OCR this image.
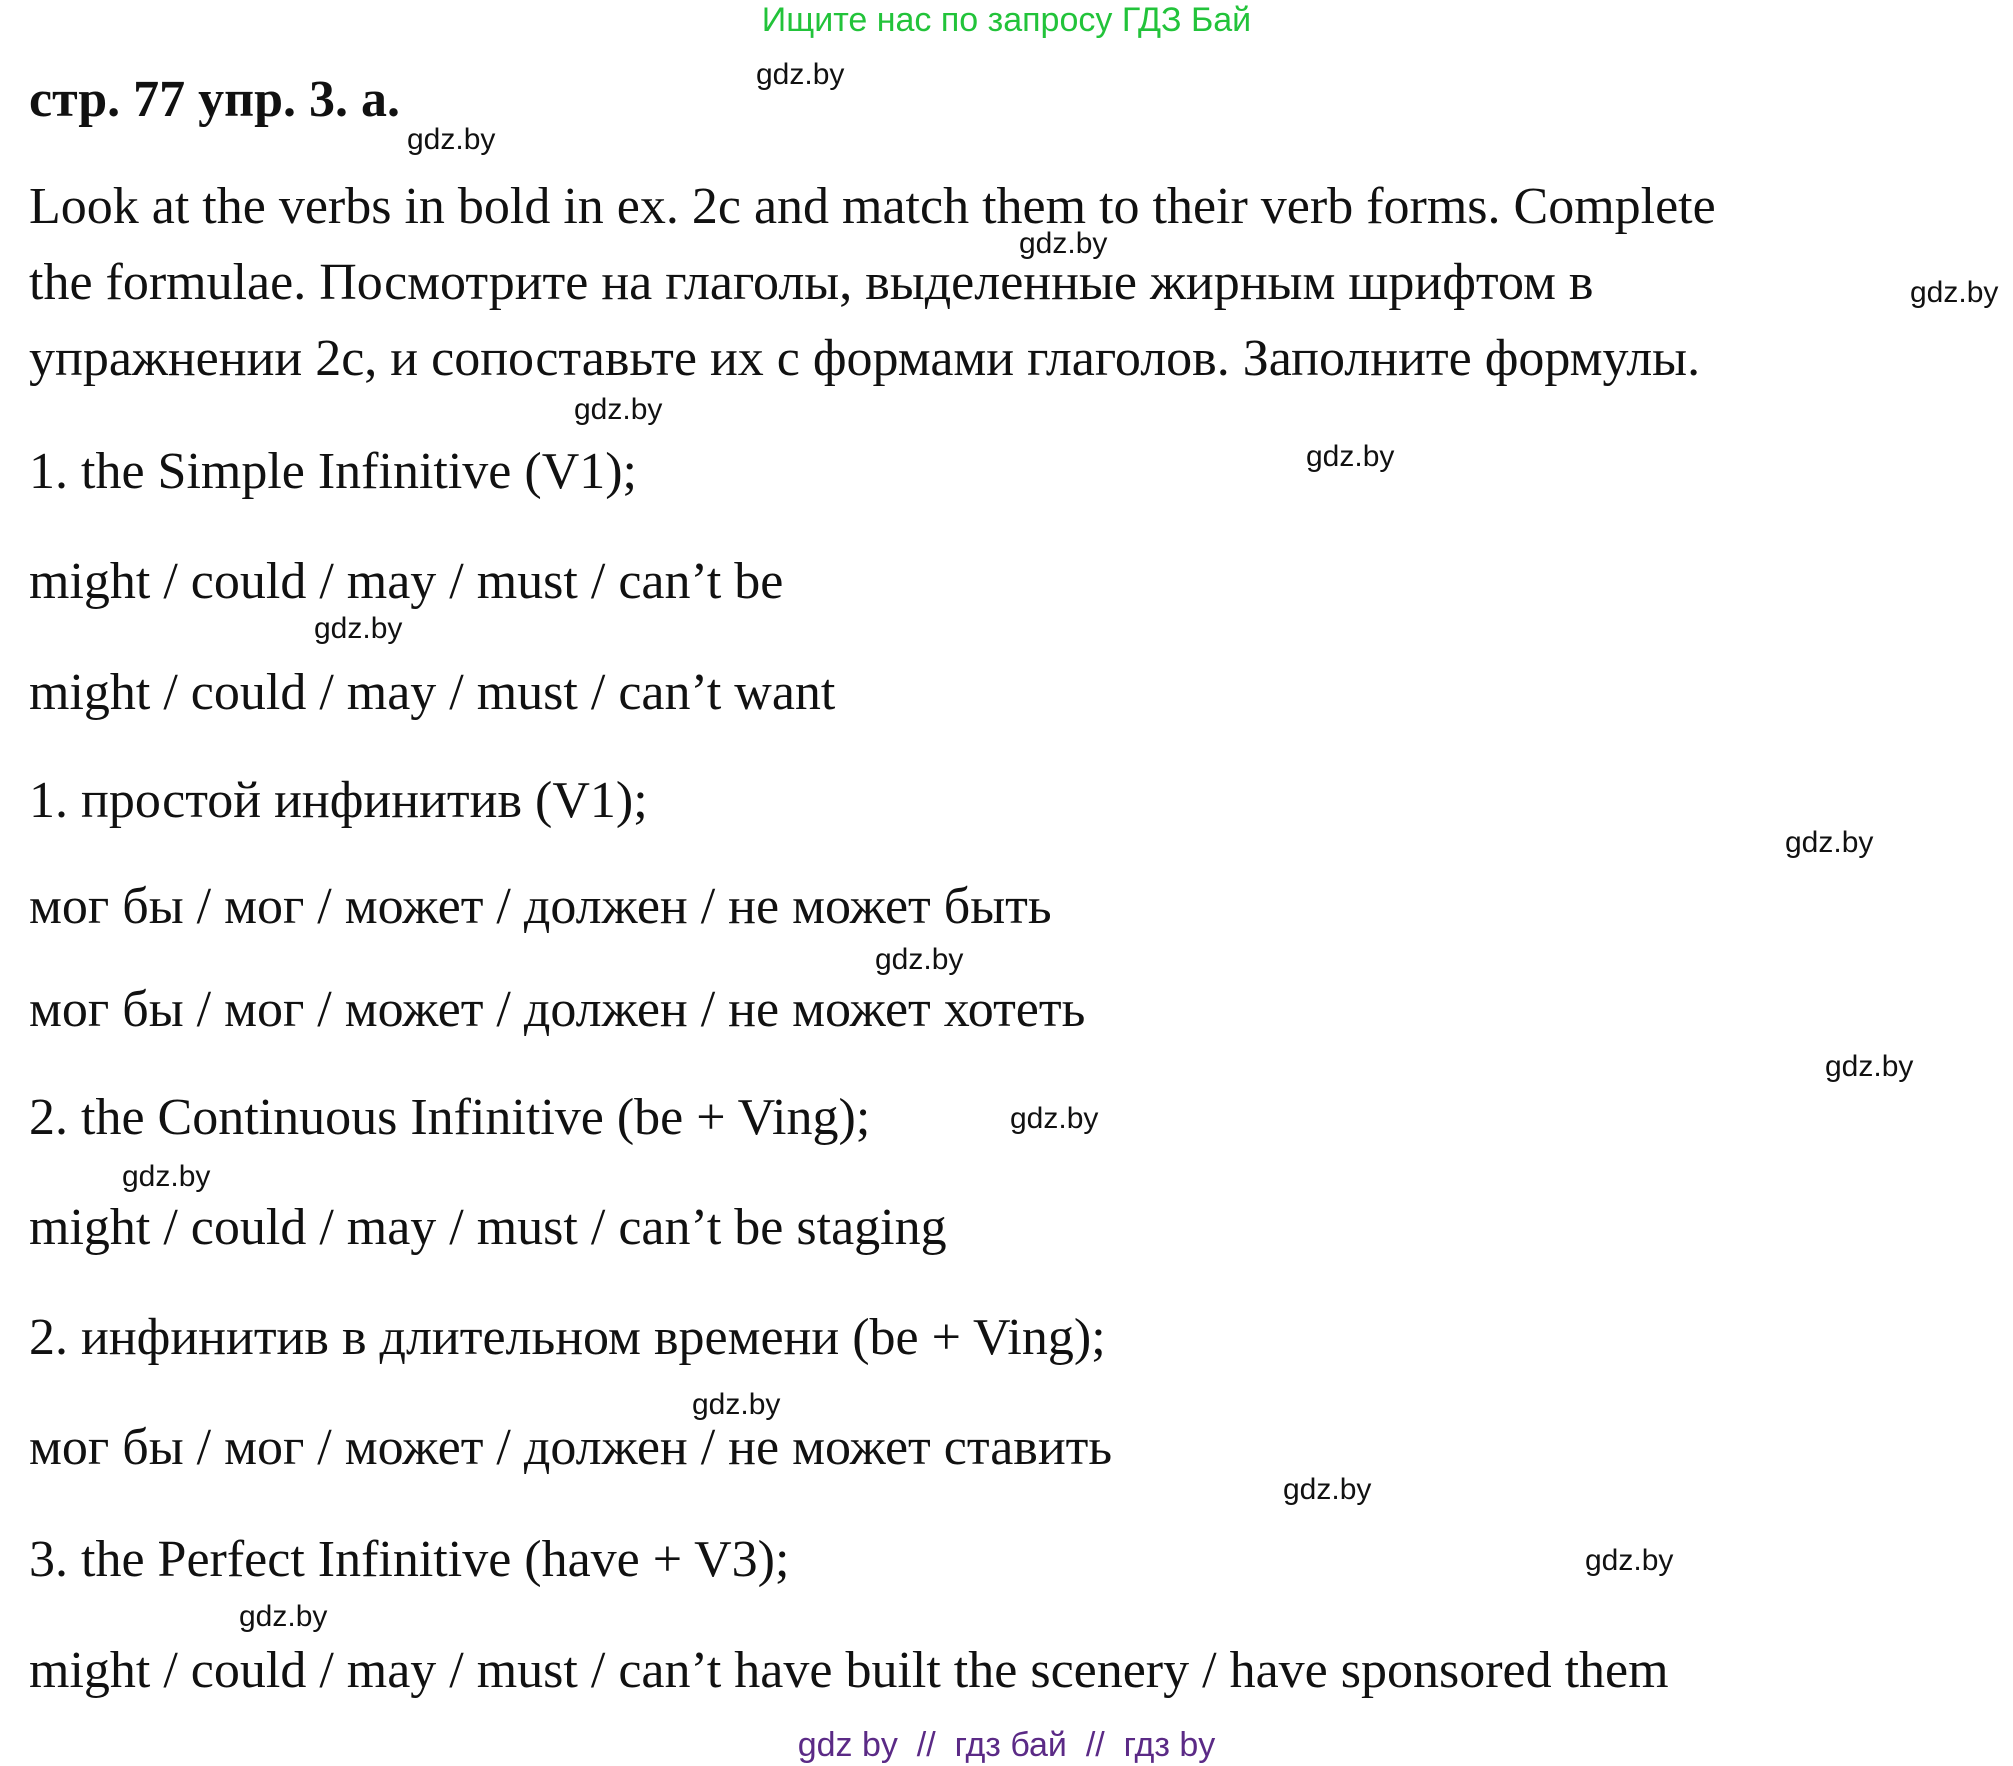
Ищите нас по запросу ГДЗ Бай
стр. 77 упр. 3. a.

Look at the verbs in bold in ex. 2c and match them to their verb forms. Complete

the formulae. Посмотрите на глаголы, выделенные жирным шрифтом в

упражнении 2с, и сопоставьте их с формами глаголов. Заполните формулы.

1. the Simple Infinitive (V1);
might / could / may / must / can’t be
might / could / may / must / can’t want
1. простой инфинитив (V1);
мог бы / мог / может / должен / не может быть
мог бы / мог / может / должен / не может хотеть
2. the Continuous Infinitive (be + Ving);
might / could / may / must / can’t be staging
2. инфинитив в длительном времени (be + Ving);
мог бы / мог / может / должен / не может ставить
3. the Perfect Infinitive (have + V3);
might / could / may / must / can’t have built the scenery / have sponsored them
gdz.by
gdz.by
gdz.by
gdz.by
gdz.by
gdz.by
gdz.by
gdz.by
gdz.by
gdz.by
gdz.by
gdz.by
gdz.by
gdz.by
gdz.by
gdz.by
gdz by  //  гдз бай  //  гдз by
